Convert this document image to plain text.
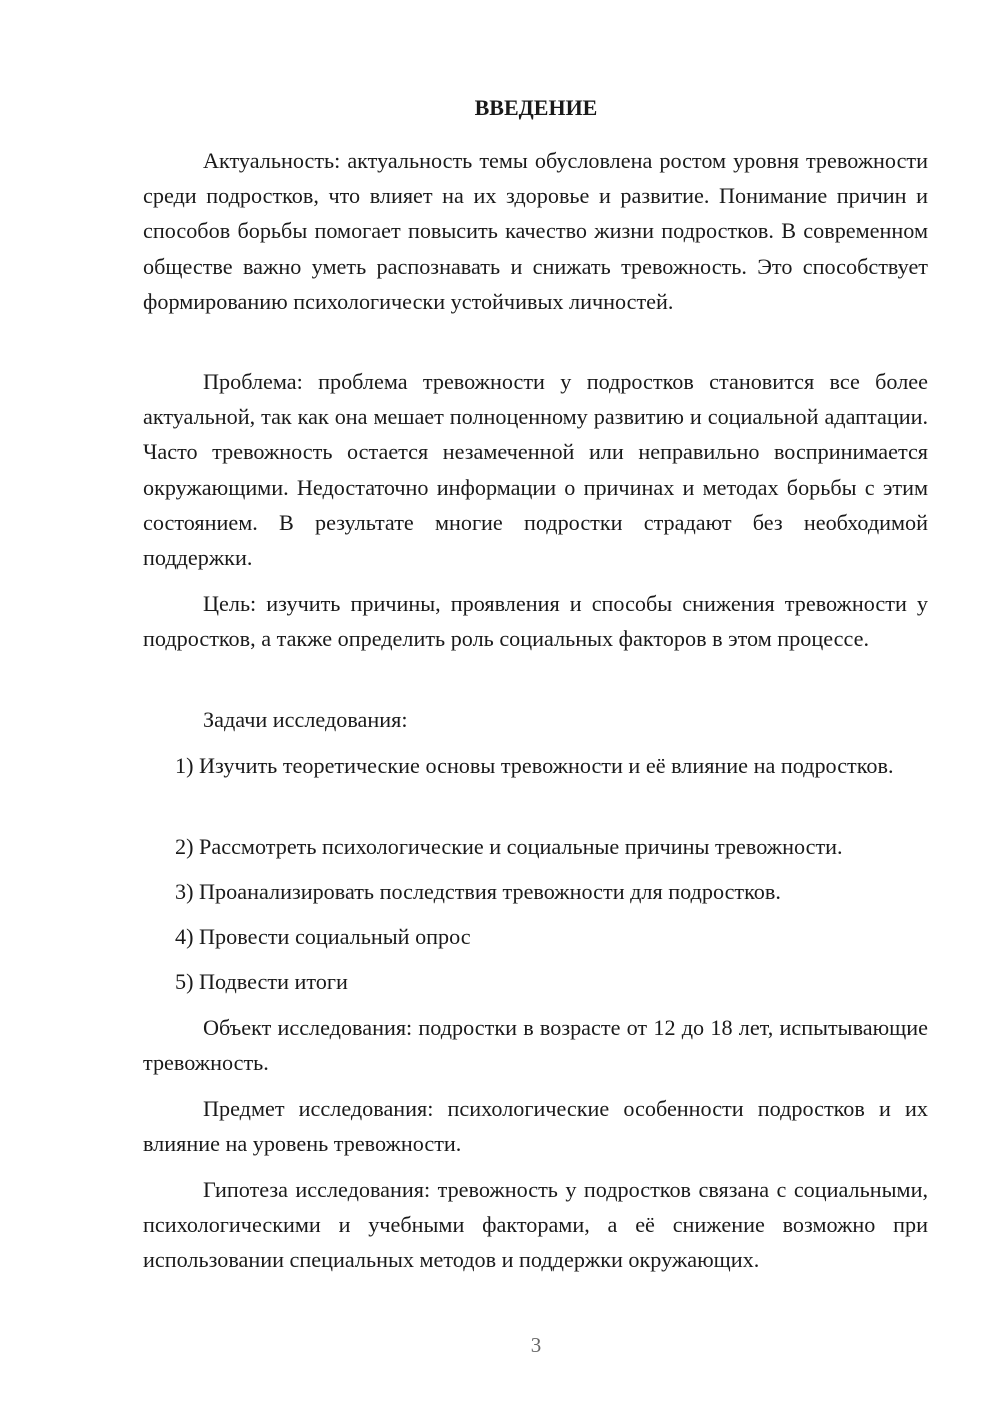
ВВЕДЕНИЕ

Актуальность: актуальность темы обусловлена ростом уровня тревожности среди подростков, что влияет на их здоровье и развитие. Понимание причин и способов борьбы помогает повысить качество жизни подростков. В современном обществе важно уметь распознавать и снижать тревожность. Это способствует формированию психологически устойчивых личностей.

Проблема: проблема тревожности у подростков становится все более актуальной, так как она мешает полноценному развитию и социальной адаптации. Часто тревожность остается незамеченной или неправильно воспринимается окружающими. Недостаточно информации о причинах и методах борьбы с этим состоянием. В результате многие подростки страдают без необходимой поддержки.

Цель: изучить причины, проявления и способы снижения тревожности у подростков, а также определить роль социальных факторов в этом процессе.

Задачи исследования:

1) Изучить теоретические основы тревожности и её влияние на подростков.

2) Рассмотреть психологические и социальные причины тревожности.

3) Проанализировать последствия тревожности для подростков.

4) Провести социальный опрос

5) Подвести итоги

Объект исследования: подростки в возрасте от 12 до 18 лет, испытывающие тревожность.

Предмет исследования: психологические особенности подростков и их влияние на уровень тревожности.

Гипотеза исследования: тревожность у подростков связана с социальными, психологическими и учебными факторами, а её снижение возможно при использовании специальных методов и поддержки окружающих.

3
